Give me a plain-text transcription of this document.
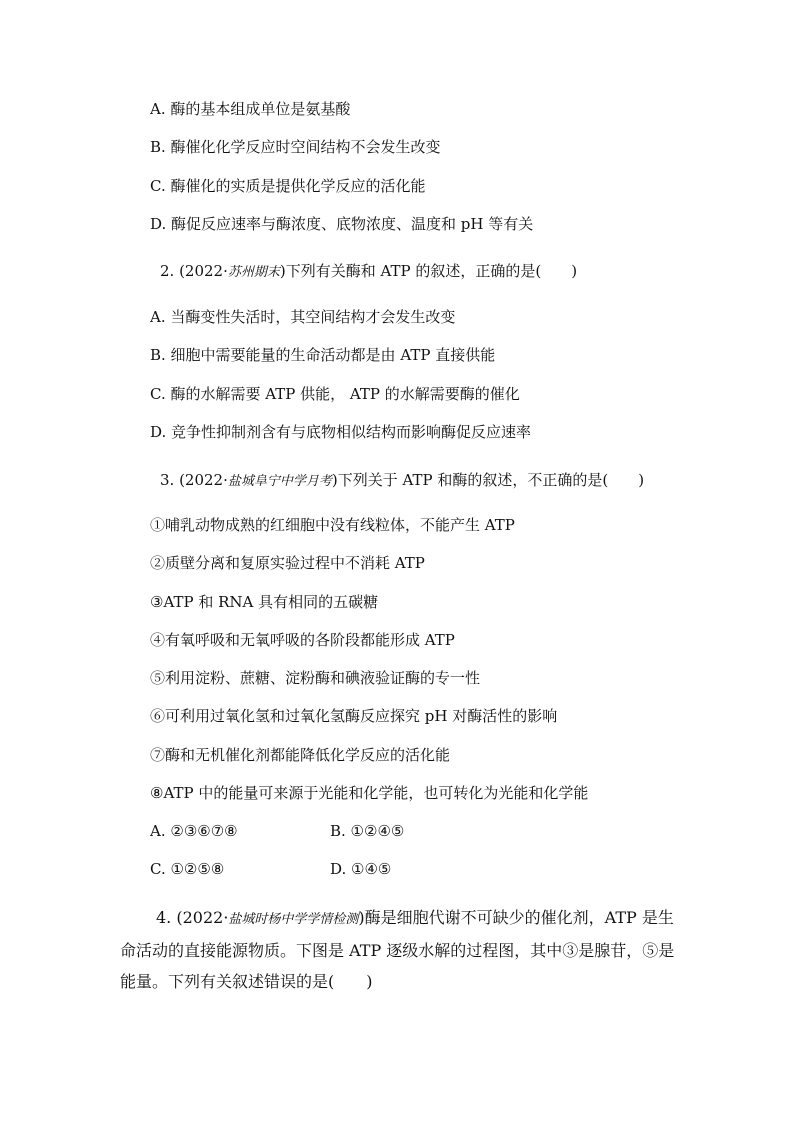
A. 酶的基本组成单位是氨基酸
B. 酶催化化学反应时空间结构不会发生改变
C. 酶催化的实质是提供化学反应的活化能
D. 酶促反应速率与酶浓度、底物浓度、温度和 pH 等有关
2. (2022·苏州期末)下列有关酶和 ATP 的叙述，正确的是(　　)
A. 当酶变性失活时，其空间结构才会发生改变
B. 细胞中需要能量的生命活动都是由 ATP 直接供能
C. 酶的水解需要 ATP 供能， ATP 的水解需要酶的催化
D. 竞争性抑制剂含有与底物相似结构而影响酶促反应速率
3. (2022·盐城阜宁中学月考)下列关于 ATP 和酶的叙述，不正确的是(　　)
①哺乳动物成熟的红细胞中没有线粒体，不能产生 ATP
②质壁分离和复原实验过程中不消耗 ATP
③ATP 和 RNA 具有相同的五碳糖
④有氧呼吸和无氧呼吸的各阶段都能形成 ATP
⑤利用淀粉、蔗糖、淀粉酶和碘液验证酶的专一性
⑥可利用过氧化氢和过氧化氢酶反应探究 pH 对酶活性的影响
⑦酶和无机催化剂都能降低化学反应的活化能
⑧ATP 中的能量可来源于光能和化学能，也可转化为光能和化学能
A. ②③⑥⑦⑧	B. ①②④⑤
C. ①②⑤⑧	D. ①④⑤
4. (2022·盐城时杨中学学情检测)酶是细胞代谢不可缺少的催化剂，ATP 是生命活动的直接能源物质。下图是 ATP 逐级水解的过程图，其中③是腺苷，⑤是能量。下列有关叙述错误的是(　　)
